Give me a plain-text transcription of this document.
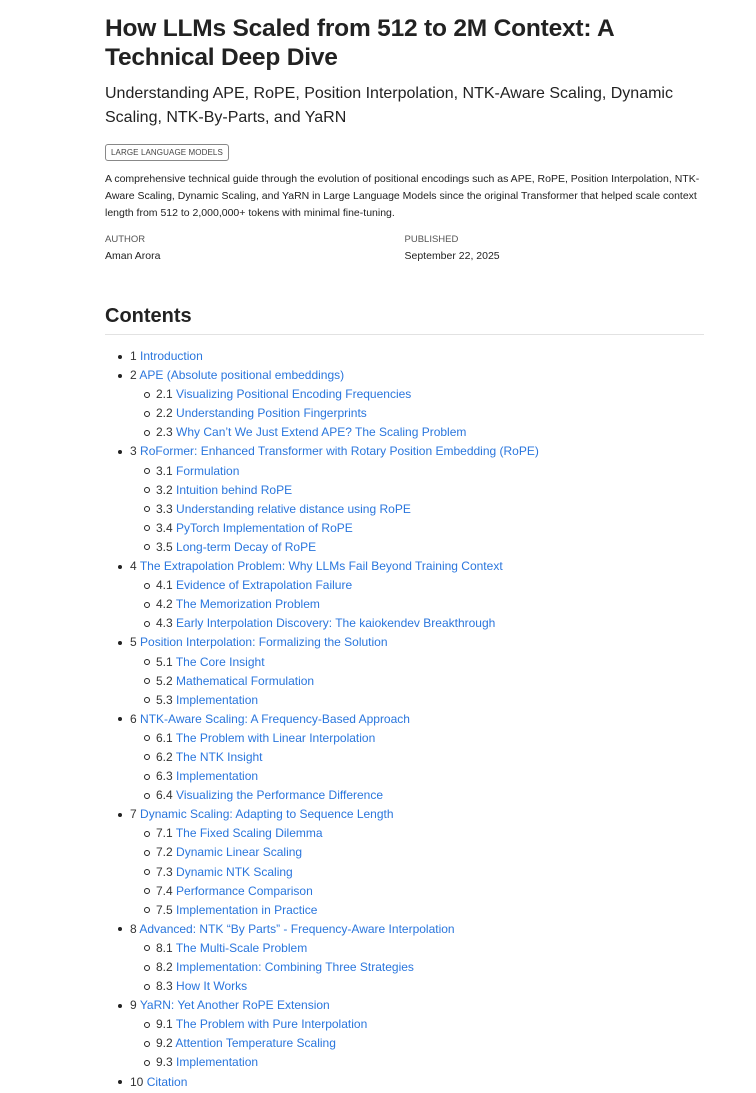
How LLMs Scaled from 512 to 2M Context: A Technical Deep Dive
Understanding APE, RoPE, Position Interpolation, NTK-Aware Scaling, Dynamic Scaling, NTK-By-Parts, and YaRN
LARGE LANGUAGE MODELS

A comprehensive technical guide through the evolution of positional encodings such as APE, RoPE, Position Interpolation, NTK-Aware Scaling, Dynamic Scaling, and YaRN in Large Language Models since the original Transformer that helped scale context length from 512 to 2,000,000+ tokens with minimal fine-tuning.

AUTHOR
Aman Arora
PUBLISHED
September 22, 2025
Contents
1 Introduction
2 APE (Absolute positional embeddings)
2.1 Visualizing Positional Encoding Frequencies
2.2 Understanding Position Fingerprints
2.3 Why Can’t We Just Extend APE? The Scaling Problem
3 RoFormer: Enhanced Transformer with Rotary Position Embedding (RoPE)
3.1 Formulation
3.2 Intuition behind RoPE
3.3 Understanding relative distance using RoPE
3.4 PyTorch Implementation of RoPE
3.5 Long-term Decay of RoPE
4 The Extrapolation Problem: Why LLMs Fail Beyond Training Context
4.1 Evidence of Extrapolation Failure
4.2 The Memorization Problem
4.3 Early Interpolation Discovery: The kaiokendev Breakthrough
5 Position Interpolation: Formalizing the Solution
5.1 The Core Insight
5.2 Mathematical Formulation
5.3 Implementation
6 NTK-Aware Scaling: A Frequency-Based Approach
6.1 The Problem with Linear Interpolation
6.2 The NTK Insight
6.3 Implementation
6.4 Visualizing the Performance Difference
7 Dynamic Scaling: Adapting to Sequence Length
7.1 The Fixed Scaling Dilemma
7.2 Dynamic Linear Scaling
7.3 Dynamic NTK Scaling
7.4 Performance Comparison
7.5 Implementation in Practice
8 Advanced: NTK “By Parts” - Frequency-Aware Interpolation
8.1 The Multi-Scale Problem
8.2 Implementation: Combining Three Strategies
8.3 How It Works
9 YaRN: Yet Another RoPE Extension
9.1 The Problem with Pure Interpolation
9.2 Attention Temperature Scaling
9.3 Implementation
10 Citation
